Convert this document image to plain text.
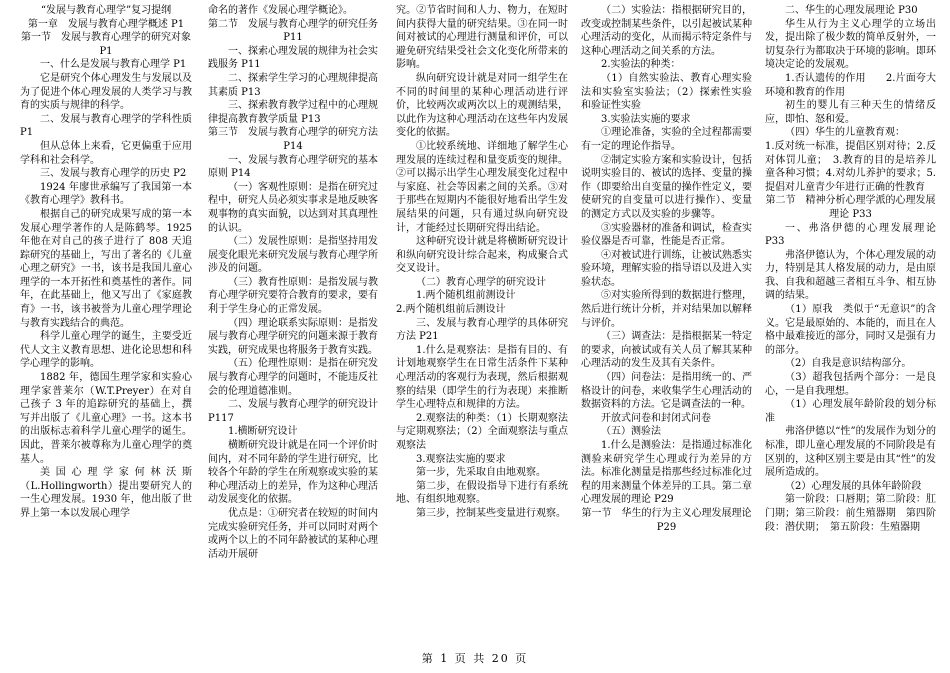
“发展与教育心理学”复习提纲

第一章　发展与教育心理学概述 P1

第一节　发展与教育心理学的研究对象 P1

一、什么是发展与教育心理学 P1

它是研究个体心理发生与发展以及为了促进个体心理发展的人类学习与教育的实质与规律的科学。

二、发展与教育心理学的学科性质 P1

但从总体上来看，它更偏重于应用学科和社会科学。

三、发展与教育心理学的历史 P2

1924 年廖世承编写了我国第一本《教育心理学》教科书。

根据自己的研究成果写成的第一本发展心理学著作的人是陈鹤琴。1925 年他在对自己的孩子进行了 808 天追踪研究的基础上，写出了著名的《儿童心理之研究》一书，该书是我国儿童心理学的一本开拓性和奠基性的著作。同年，在此基础上，他又写出了《家庭教育》一书，该书被誉为儿童心理学理论与教育实践结合的典范。

科学儿童心理学的诞生，主要受近代人文主义教育思想、进化论思想和科学心理学的影响。

1882 年，德国生理学家和实验心理学家普莱尔（W.T.Preyer）在对自己孩子 3 年的追踪研究的基础上，撰写并出版了《儿童心理》一书。这本书的出版标志着科学儿童心理学的诞生。因此，普莱尔被尊称为儿童心理学的奠基人。

美国心理学家何林沃斯（L.Hollingworth）提出要研究人的一生心理发展。1930 年，他出版了世界上第一本以发展心理学

命名的著作《发展心理学概论》。

第二节　发展与教育心理学的研究任务 P11

一、探索心理发展的规律为社会实践服务 P11

二、探索学生学习的心理规律提高其素质 P13

三、探索教育教学过程中的心理规律提高教育教学质量 P13

第三节　发展与教育心理学的研究方法 P14

一、发展与教育心理学研究的基本原则 P14

（一）客观性原则：是指在研究过程中，研究人员必须实事求是地反映客观事物的真实面貌，以达到对其真理性的认识。

（二）发展性原则：是指坚持用发展变化眼光来研究发展与教育心理学所涉及的问题。

（三）教育性原则：是指发展与教育心理学研究要符合教育的要求，要有利于学生身心的正常发展。

（四）理论联系实际原则：是指发展与教育心理学研究的问题来源于教育实践，研究成果也将服务于教育实践。

（五）伦理性原则：是指在研究发展与教育心理学的问题时，不能违反社会的伦理道德准则。

二、发展与教育心理学的研究设计 P117

1.横断研究设计

横断研究设计就是在同一个评价时间内，对不同年龄的学生进行研究，比较各个年龄的学生在所观察或实验的某种心理活动上的差异，作为这种心理活动发展变化的依据。

优点是：①研究者在较短的时间内完成实验研究任务，并可以同时对两个或两个以上的不同年龄被试的某种心理活动开展研

究。②节省时间和人力、物力，在短时间内获得大量的研究结果。③在同一时间对被试的心理进行测量和评价，可以避免研究结果受社会文化变化所带来的影响。

纵向研究设计就是对同一组学生在不同的时间里的某种心理活动进行评价，比较两次或两次以上的观测结果，以此作为这种心理活动在这些年内发展变化的依据。

①比较系统地、详细地了解学生心理发展的连续过程和量变质变的规律。②可以揭示出学生心理发展变化过程中与家庭、社会等因素之间的关系。③对于那些在短期内不能很好地看出学生发展结果的问题，只有通过纵向研究设计，才能经过长期研究得出结论。

这种研究设计就是将横断研究设计和纵向研究设计综合起来，构成聚合式交叉设计。

（二）教育心理学的研究设计

1.两个随机组前测设计

2.两个随机组前后测设计

三、发展与教育心理学的具体研究方法 P21

1.什么是观察法：是指有目的、有计划地观察学生在日常生活条件下某种心理活动的客观行为表现，然后根据观察的结果（即学生的行为表现）来推断学生心理特点和规律的方法。

2.观察法的种类：（1）长期观察法与定期观察法；（2）全面观察法与重点观察法

3.观察法实施的要求

第一步，先采取自由地观察。

第二步，在假设指导下进行有系统地、有组织地观察。

第三步，控制某些变量进行观察。

（二）实验法：指根据研究目的，改变或控制某些条件，以引起被试某种心理活动的变化，从而揭示特定条件与这种心理活动之间关系的方法。

2.实验法的种类：

（1）自然实验法、教育心理实验法和实验室实验法；（2）探索性实验和验证性实验

3.实验法实施的要求

①理论准备，实验的全过程都需要有一定的理论作指导。

②制定实验方案和实验设计，包括说明实验目的、被试的选择、变量的操作（即要给出自变量的操作性定义，要使研究的自变量可以进行操作）、变量的测定方式以及实验的步骤等。

③实验器材的准备和调试，检查实验仪器是否可靠，性能是否正常。

④对被试进行训练，让被试熟悉实验环境，理解实验的指导语以及进入实验状态。

⑤对实验所得到的数据进行整理，然后进行统计分析，并对结果加以解释与评价。

（三）调查法：是指根据某一特定的要求，向被试或有关人员了解其某种心理活动的发生及其有关条件。

（四）问卷法：是指用统一的、严格设计的问卷，来收集学生心理活动的数据资料的方法。它是调查法的一种。

开放式问卷和封闭式问卷

（五）测验法

1.什么是测验法：是指通过标准化测验来研究学生心理或行为差异的方法。标准化测量是指那些经过标准化过程的用来测量个体差异的工具。第二章　心理发展的理论 P29

第一节　华生的行为主义心理发展理论 P29

二、华生的心理发展理论 P30

华生从行为主义心理学的立场出发，提出除了极少数的简单反射外，一切复杂行为都取决于环境的影响。即环境决定论的发展观。

1.否认遗传的作用　　2.片面夸大环境和教育的作用

初生的婴儿有三种天生的情绪反应，即怕、怒和爱。

（四）华生的儿童教育观：

1.反对统一标准，提倡区别对待；2.反对体罚儿童；　3.教育的目的是培养儿童各种习惯；4.对幼儿养护的要求；5.提倡对儿童青少年进行正确的性教育

第二节　精神分析心理学派的心理发展理论 P33

一、弗洛伊德的心理发展理论 P33

弗洛伊德认为，个体心理发展的动力，特别是其人格发展的动力，是由原我、自我和超越三者相互斗争、相互协调的结果。

（1）原我　类似于“无意识”的含义。它是最原始的、本能的，而且在人格中最难接近的部分，同时又是强有力的部分。

（2）自我是意识结构部分。

（3）超我包括两个部分：一是良心，一是自我理想。

（1）心理发展年龄阶段的划分标准

弗洛伊德以“性”的发展作为划分的标准，即儿童心理发展的不同阶段是有区别的，这种区别主要是由其“性”的发展所造成的。

（2）心理发展的具体年龄阶段

第一阶段：口唇期；第二阶段：肛门期；第三阶段：前生殖器期　第四阶段：潜伏期；　第五阶段：生殖器期

第 1 页 共 20 页
